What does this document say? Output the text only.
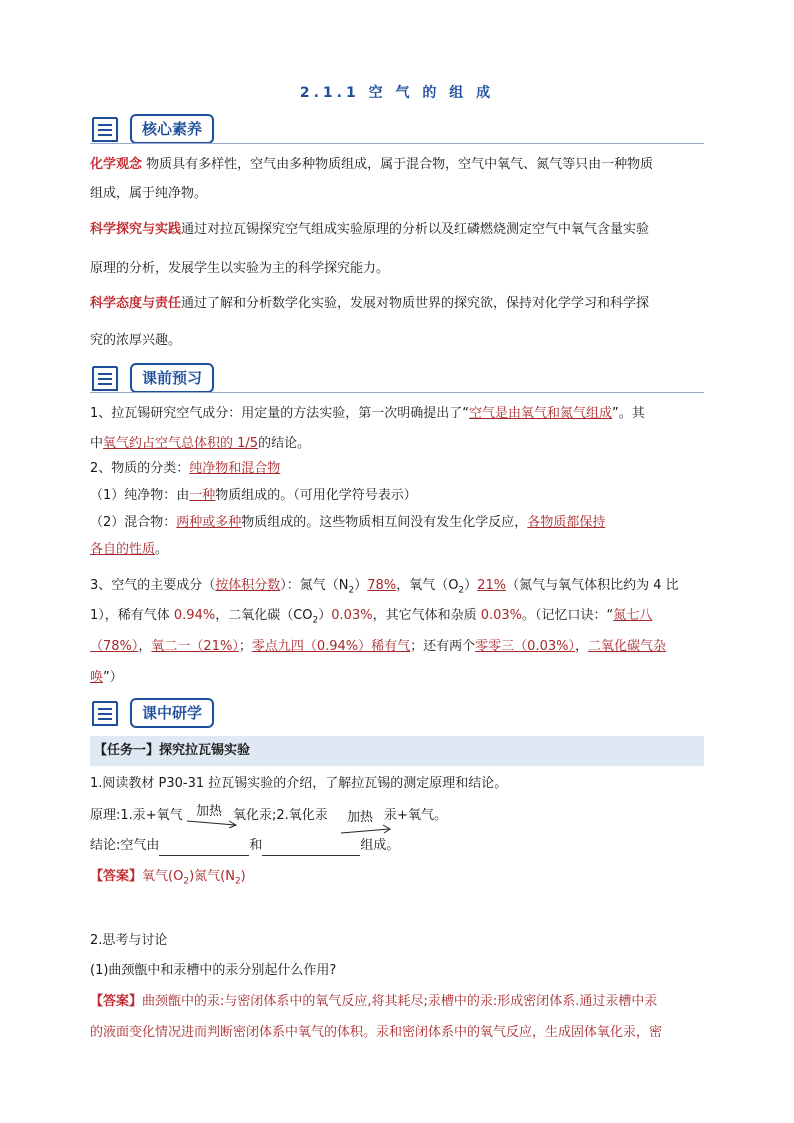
2.1.1 空 气 的 组 成
核心素养
化学观念 物质具有多样性，空气由多种物质组成，属于混合物，空气中氧气、氮气等只由一种物质
组成，属于纯净物。
科学探究与实践通过对拉瓦锡探究空气组成实验原理的分析以及红磷燃烧测定空气中氧气含量实验
原理的分析，发展学生以实验为主的科学探究能力。
科学态度与责任通过了解和分析数学化实验，发展对物质世界的探究欲，保持对化学学习和科学探
究的浓厚兴趣。
课前预习
1、拉瓦锡研究空气成分：用定量的方法实验，第一次明确提出了“空气是由氧气和氮气组成”。其
中氧气约占空气总体积的 1/5的结论。
2、物质的分类：纯净物和混合物
（1）纯净物：由一种物质组成的。（可用化学符号表示）
（2）混合物：两种或多种物质组成的。这些物质相互间没有发生化学反应，各物质都保持
各自的性质。
3、空气的主要成分（按体积分数）：氮气$(N_2)78\%$，氧气$(O_2)21\%$（氮气与氧气体积比约为 4 比
1），稀有气体 0.94%，二氧化碳$(CO_2)0.03\%$，其它气体和杂质 0.03%。（记忆口诀：“氮七八
（78%），氧二一（21%）；零点九四（0.94%）稀有气；还有两个零零三（0.03%），二氧化碳气杂
唤”）
课中研学
【任务一】探究拉瓦锡实验
1.阅读教材 P30-31 拉瓦锡实验的介绍，了解拉瓦锡的测定原理和结论。
原理:1.汞+氧气	氧化汞;2.氧化汞	汞+氧气。
加热	加热
结论:空气由	和	组成。
【答案】氧气$(O_2)$氮气$(N_2)$
2.思考与讨论
(1)曲颈甑中和汞槽中的汞分别起什么作用?
【答案】曲颈甑中的汞:与密闭体系中的氧气反应,将其耗尽;汞槽中的汞:形成密闭体系.通过汞槽中汞
的液面变化情况进而判断密闭体系中氧气的体积。汞和密闭体系中的氧气反应，生成固体氧化汞，密
